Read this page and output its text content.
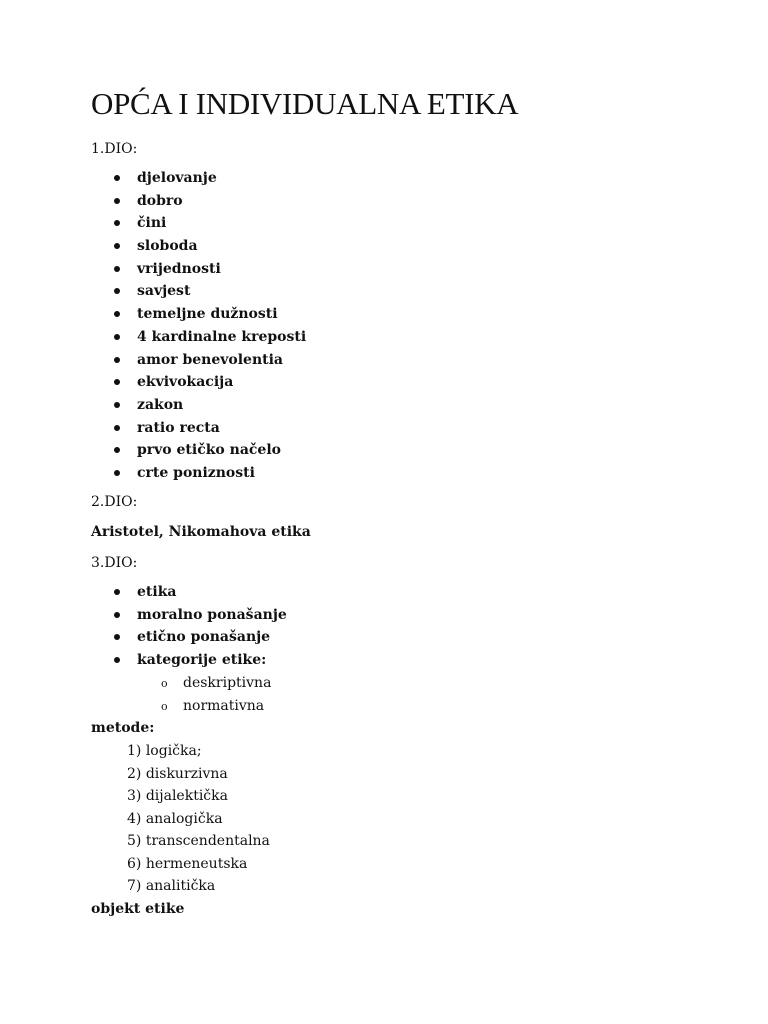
OPĆA I INDIVIDUALNA ETIKA
1.DIO:
djelovanje
dobro
čini
sloboda
vrijednosti
savjest
temeljne dužnosti
4 kardinalne kreposti
amor benevolentia
ekvivokacija
zakon
ratio recta
prvo etičko načelo
crte poniznosti
2.DIO:
Aristotel, Nikomahova etika
3.DIO:
etika
moralno ponašanje
etično ponašanje
kategorije etike:
o deskriptivna
o normativna
metode:
1) logička;
2) diskurzivna
3) dijalektička
4) analogička
5) transcendentalna
6) hermeneutska
7) analitička
objekt etike
